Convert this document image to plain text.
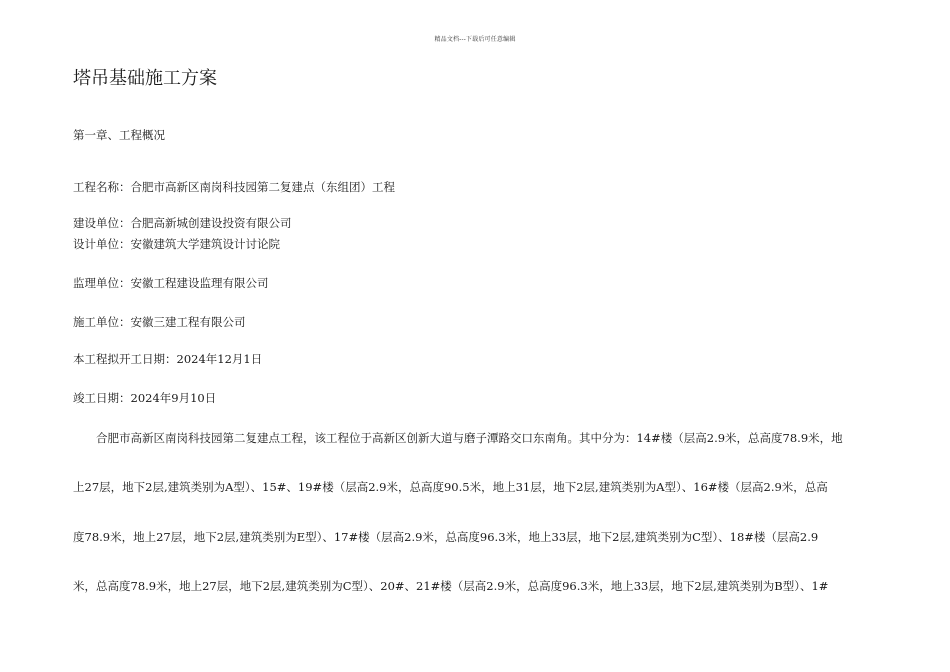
精品文档---下载后可任意编辑
塔吊基础施工方案

第一章、工程概况

工程名称：合肥市高新区南岗科技园第二复建点（东组团）工程

建设单位：合肥高新城创建设投资有限公司

设计单位：安徽建筑大学建筑设计讨论院

监理单位：安徽工程建设监理有限公司

施工单位：安徽三建工程有限公司

本工程拟开工日期：2024年12月1日

竣工日期：2024年9月10日

合肥市高新区南岗科技园第二复建点工程，该工程位于高新区创新大道与磨子潭路交口东南角。其中分为：14#楼（层高2.9米，总高度78.9米，地

上27层，地下2层,建筑类别为A型）、15#、19#楼（层高2.9米，总高度90.5米，地上31层，地下2层,建筑类别为A型）、16#楼（层高2.9米，总高

度78.9米，地上27层，地下2层,建筑类别为E型）、17#楼（层高2.9米，总高度96.3米，地上33层，地下2层,建筑类别为C型）、18#楼（层高2.9

米，总高度78.9米，地上27层，地下2层,建筑类别为C型）、20#、21#楼（层高2.9米，总高度96.3米，地上33层，地下2层,建筑类别为B型）、1#
